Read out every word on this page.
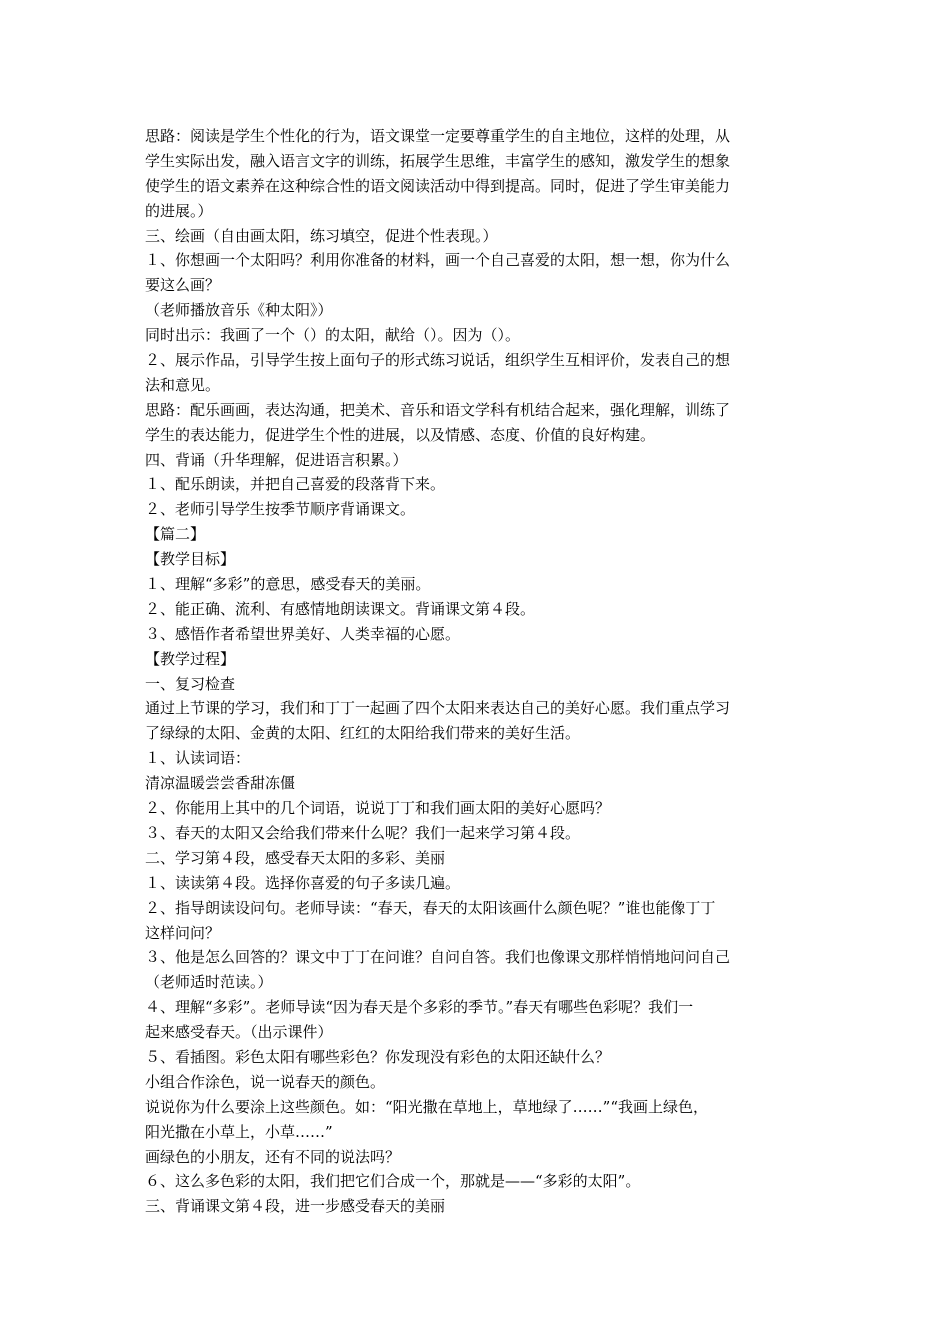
思路：阅读是学生个性化的行为，语文课堂一定要尊重学生的自主地位，这样的处理，从
学生实际出发，融入语言文字的训练，拓展学生思维，丰富学生的感知，激发学生的想象
使学生的语文素养在这种综合性的语文阅读活动中得到提高。同时，促进了学生审美能力
的进展。）
三、绘画（自由画太阳，练习填空，促进个性表现。）
１、你想画一个太阳吗？利用你准备的材料，画一个自己喜爱的太阳，想一想，你为什么
要这么画？
（老师播放音乐《种太阳》）
同时出示：我画了一个（）的太阳，献给（）。因为（）。
２、展示作品，引导学生按上面句子的形式练习说话，组织学生互相评价，发表自己的想
法和意见。
思路：配乐画画，表达沟通，把美术、音乐和语文学科有机结合起来，强化理解，训练了
学生的表达能力，促进学生个性的进展，以及情感、态度、价值的良好构建。
四、背诵（升华理解，促进语言积累。）
１、配乐朗读，并把自己喜爱的段落背下来。
２、老师引导学生按季节顺序背诵课文。
【篇二】
【教学目标】
１、理解“多彩”的意思，感受春天的美丽。
２、能正确、流利、有感情地朗读课文。背诵课文第４段。
３、感悟作者希望世界美好、人类幸福的心愿。
【教学过程】
一、复习检查
通过上节课的学习，我们和丁丁一起画了四个太阳来表达自己的美好心愿。我们重点学习
了绿绿的太阳、金黄的太阳、红红的太阳给我们带来的美好生活。
１、认读词语：
清凉温暖尝尝香甜冻僵
２、你能用上其中的几个词语，说说丁丁和我们画太阳的美好心愿吗？
３、春天的太阳又会给我们带来什么呢？我们一起来学习第４段。
二、学习第４段，感受春天太阳的多彩、美丽
１、读读第４段。选择你喜爱的句子多读几遍。
２、指导朗读设问句。老师导读：“春天，春天的太阳该画什么颜色呢？”谁也能像丁丁
这样问问？
３、他是怎么回答的？课文中丁丁在问谁？自问自答。我们也像课文那样悄悄地问问自己
（老师适时范读。）
４、理解“多彩”。老师导读“因为春天是个多彩的季节。”春天有哪些色彩呢？我们一
起来感受春天。（出示课件）
５、看插图。彩色太阳有哪些彩色？你发现没有彩色的太阳还缺什么？
小组合作涂色，说一说春天的颜色。
说说你为什么要涂上这些颜色。如：“阳光撒在草地上，草地绿了……”“我画上绿色，
阳光撒在小草上，小草……”
画绿色的小朋友，还有不同的说法吗？
６、这么多色彩的太阳，我们把它们合成一个，那就是——“多彩的太阳”。
三、背诵课文第４段，进一步感受春天的美丽
